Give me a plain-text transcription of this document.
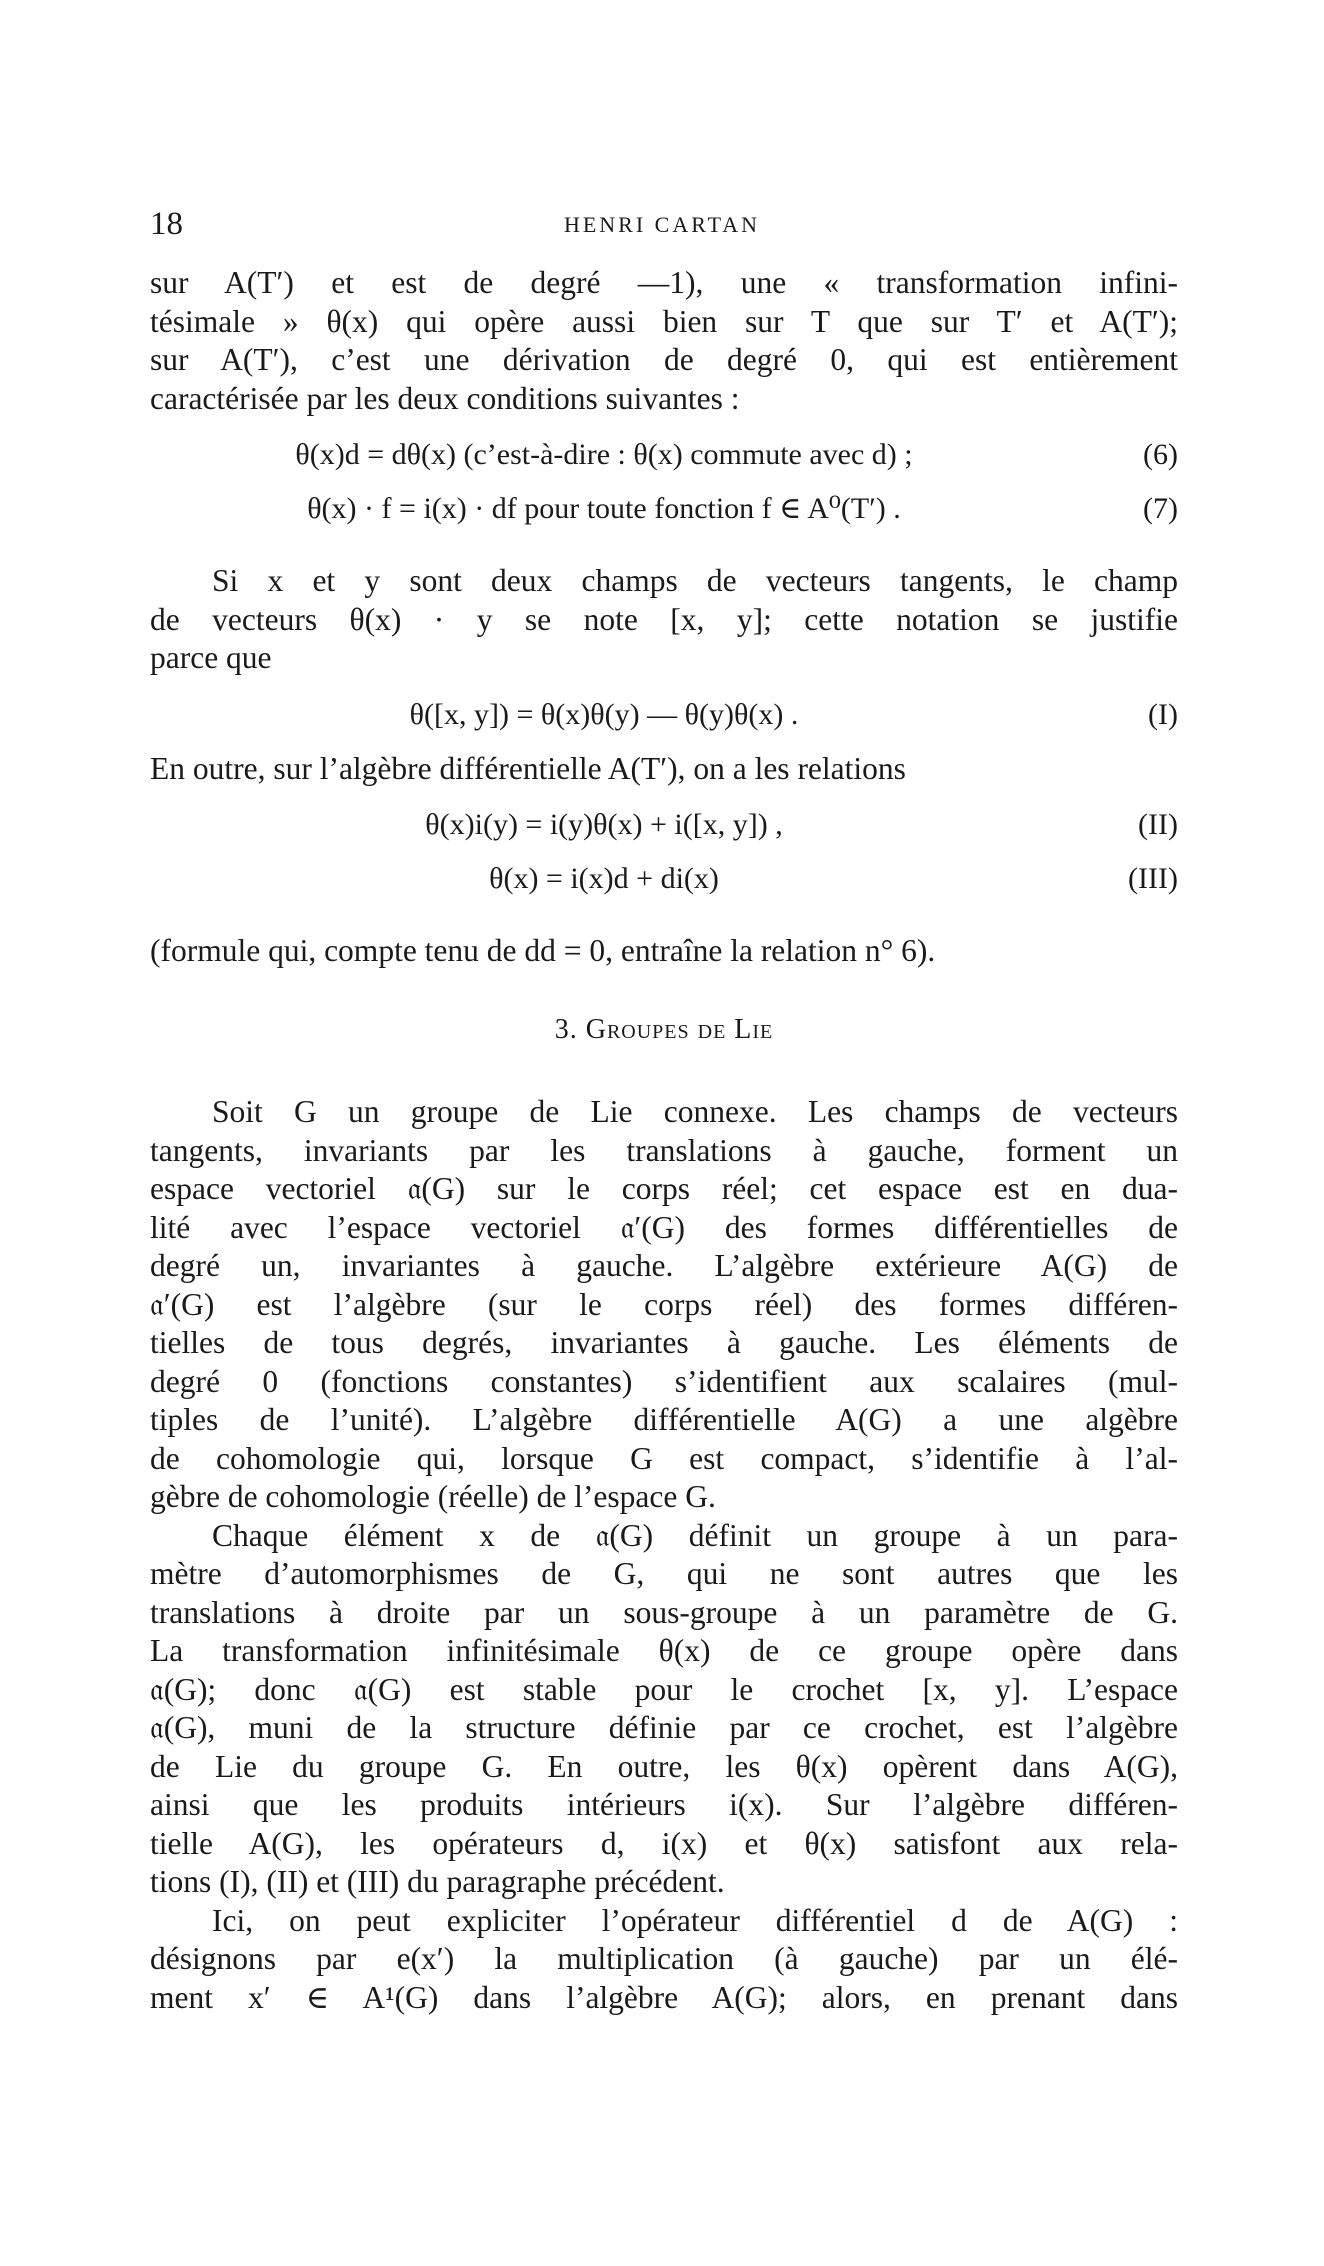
18	HENRI CARTAN

sur A(T′) et est de degré —1), une « transformation infini-
tésimale » θ(x) qui opère aussi bien sur T que sur T′ et A(T′);
sur A(T′), c’est une dérivation de degré 0, qui est entièrement
caractérisée par les deux conditions suivantes :

θ(x)d = dθ(x) (c’est-à-dire : θ(x) commute avec d) ;	(6)
θ(x) · f = i(x) · df pour toute fonction f ∈ A⁰(T′) .	(7)

Si x et y sont deux champs de vecteurs tangents, le champ
de vecteurs θ(x) · y se note [x, y]; cette notation se justifie
parce que

θ([x, y]) = θ(x)θ(y) — θ(y)θ(x) .	(I)

En outre, sur l’algèbre différentielle A(T′), on a les relations

θ(x)i(y) = i(y)θ(x) + i([x, y]) ,	(II)
θ(x) = i(x)d + di(x)	(III)

(formule qui, compte tenu de dd = 0, entraîne la relation n° 6).

3. Groupes de Lie

Soit G un groupe de Lie connexe. Les champs de vecteurs
tangents, invariants par les translations à gauche, forment un
espace vectoriel 𝔞(G) sur le corps réel; cet espace est en dua-
lité avec l’espace vectoriel 𝔞′(G) des formes différentielles de
degré un, invariantes à gauche. L’algèbre extérieure A(G) de
𝔞′(G) est l’algèbre (sur le corps réel) des formes différen-
tielles de tous degrés, invariantes à gauche. Les éléments de
degré 0 (fonctions constantes) s’identifient aux scalaires (mul-
tiples de l’unité). L’algèbre différentielle A(G) a une algèbre
de cohomologie qui, lorsque G est compact, s’identifie à l’al-
gèbre de cohomologie (réelle) de l’espace G.

Chaque élément x de 𝔞(G) définit un groupe à un para-
mètre d’automorphismes de G, qui ne sont autres que les
translations à droite par un sous-groupe à un paramètre de G.
La transformation infinitésimale θ(x) de ce groupe opère dans
𝔞(G); donc 𝔞(G) est stable pour le crochet [x, y]. L’espace
𝔞(G), muni de la structure définie par ce crochet, est l’algèbre
de Lie du groupe G. En outre, les θ(x) opèrent dans A(G),
ainsi que les produits intérieurs i(x). Sur l’algèbre différen-
tielle A(G), les opérateurs d, i(x) et θ(x) satisfont aux rela-
tions (I), (II) et (III) du paragraphe précédent.

Ici, on peut expliciter l’opérateur différentiel d de A(G) :
désignons par e(x′) la multiplication (à gauche) par un élé-
ment x′ ∈ A¹(G) dans l’algèbre A(G); alors, en prenant dans
